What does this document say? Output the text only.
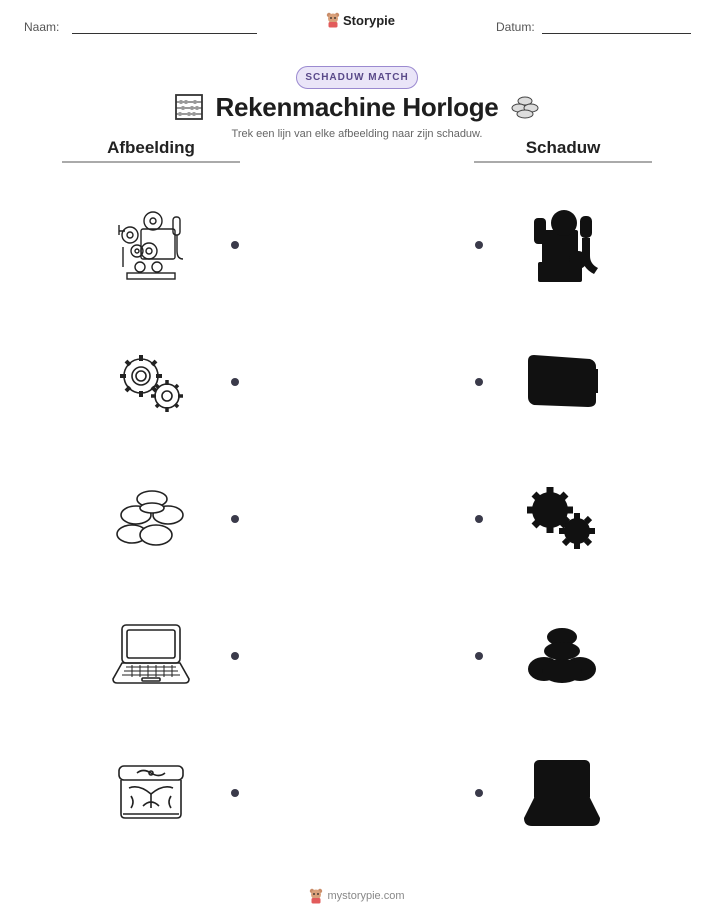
Naam:	Storypie	Datum:
SCHADUW MATCH
Rekenmachine Horloge
Trek een lijn van elke afbeelding naar zijn schaduw.
Afbeelding	Schaduw
mystorypie.com
